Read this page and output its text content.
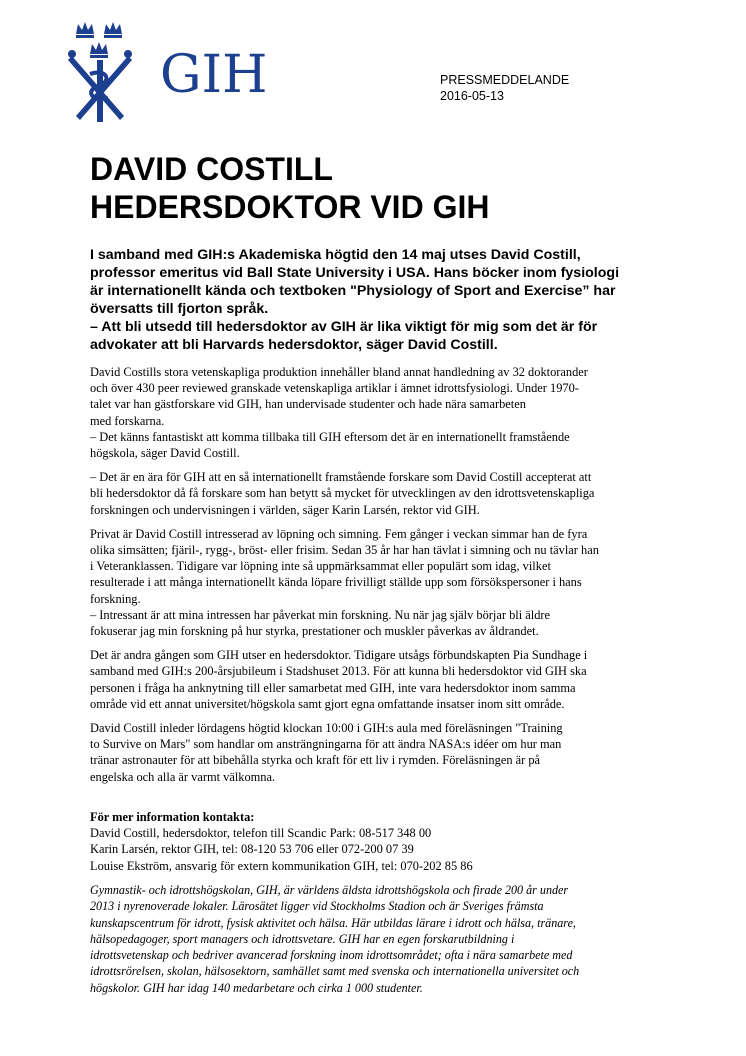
GIH	PRESSMEDDELANDE
2016-05-13
DAVID COSTILL
HEDERSDOKTOR VID GIH
I samband med GIH:s Akademiska högtid den 14 maj utses David Costill,
professor emeritus vid Ball State University i USA. Hans böcker inom fysiologi
är internationellt kända och textboken "Physiology of Sport and Exercise” har
översatts till fjorton språk.
– Att bli utsedd till hedersdoktor av GIH är lika viktigt för mig som det är för
advokater att bli Harvards hedersdoktor, säger David Costill.
David Costills stora vetenskapliga produktion innehåller bland annat handledning av 32 doktorander
och över 430 peer reviewed granskade vetenskapliga artiklar i ämnet idrottsfysiologi. Under 1970-
talet var han gästforskare vid GIH, han undervisade studenter och hade nära samarbeten
med forskarna.
– Det känns fantastiskt att komma tillbaka till GIH eftersom det är en internationellt framstående
högskola, säger David Costill.
– Det är en ära för GIH att en så internationellt framstående forskare som David Costill accepterat att
bli hedersdoktor då få forskare som han betytt så mycket för utvecklingen av den idrottsvetenskapliga
forskningen och undervisningen i världen, säger Karin Larsén, rektor vid GIH.
Privat är David Costill intresserad av löpning och simning. Fem gånger i veckan simmar han de fyra
olika simsätten; fjäril-, rygg-, bröst- eller frisim. Sedan 35 år har han tävlat i simning och nu tävlar han
i Veteranklassen. Tidigare var löpning inte så uppmärksammat eller populärt som idag, vilket
resulterade i att många internationellt kända löpare frivilligt ställde upp som försökspersoner i hans
forskning.
– Intressant är att mina intressen har påverkat min forskning. Nu när jag själv börjar bli äldre
fokuserar jag min forskning på hur styrka, prestationer och muskler påverkas av åldrandet.
Det är andra gången som GIH utser en hedersdoktor. Tidigare utsågs förbundskapten Pia Sundhage i
samband med GIH:s 200-årsjubileum i Stadshuset 2013. För att kunna bli hedersdoktor vid GIH ska
personen i fråga ha anknytning till eller samarbetat med GIH, inte vara hedersdoktor inom samma
område vid ett annat universitet/högskola samt gjort egna omfattande insatser inom sitt område.
David Costill inleder lördagens högtid klockan 10:00 i GIH:s aula med föreläsningen "Training
to Survive on Mars" som handlar om ansträngningarna för att ändra NASA:s idéer om hur man
tränar astronauter för att bibehålla styrka och kraft för ett liv i rymden. Föreläsningen är på
engelska och alla är varmt välkomna.
För mer information kontakta:
David Costill, hedersdoktor, telefon till Scandic Park: 08-517 348 00
Karin Larsén, rektor GIH, tel: 08-120 53 706 eller 072-200 07 39
Louise Ekström, ansvarig för extern kommunikation GIH, tel: 070-202 85 86
Gymnastik- och idrottshögskolan, GIH, är världens äldsta idrottshögskola och firade 200 år under
2013 i nyrenoverade lokaler. Lärosätet ligger vid Stockholms Stadion och är Sveriges främsta
kunskapscentrum för idrott, fysisk aktivitet och hälsa. Här utbildas lärare i idrott och hälsa, tränare,
hälsopedagoger, sport managers och idrottsvetare. GIH har en egen forskarutbildning i
idrottsvetenskap och bedriver avancerad forskning inom idrottsområdet; ofta i nära samarbete med
idrottsrörelsen, skolan, hälsosektorn, samhället samt med svenska och internationella universitet och
högskolor. GIH har idag 140 medarbetare och cirka 1 000 studenter.
